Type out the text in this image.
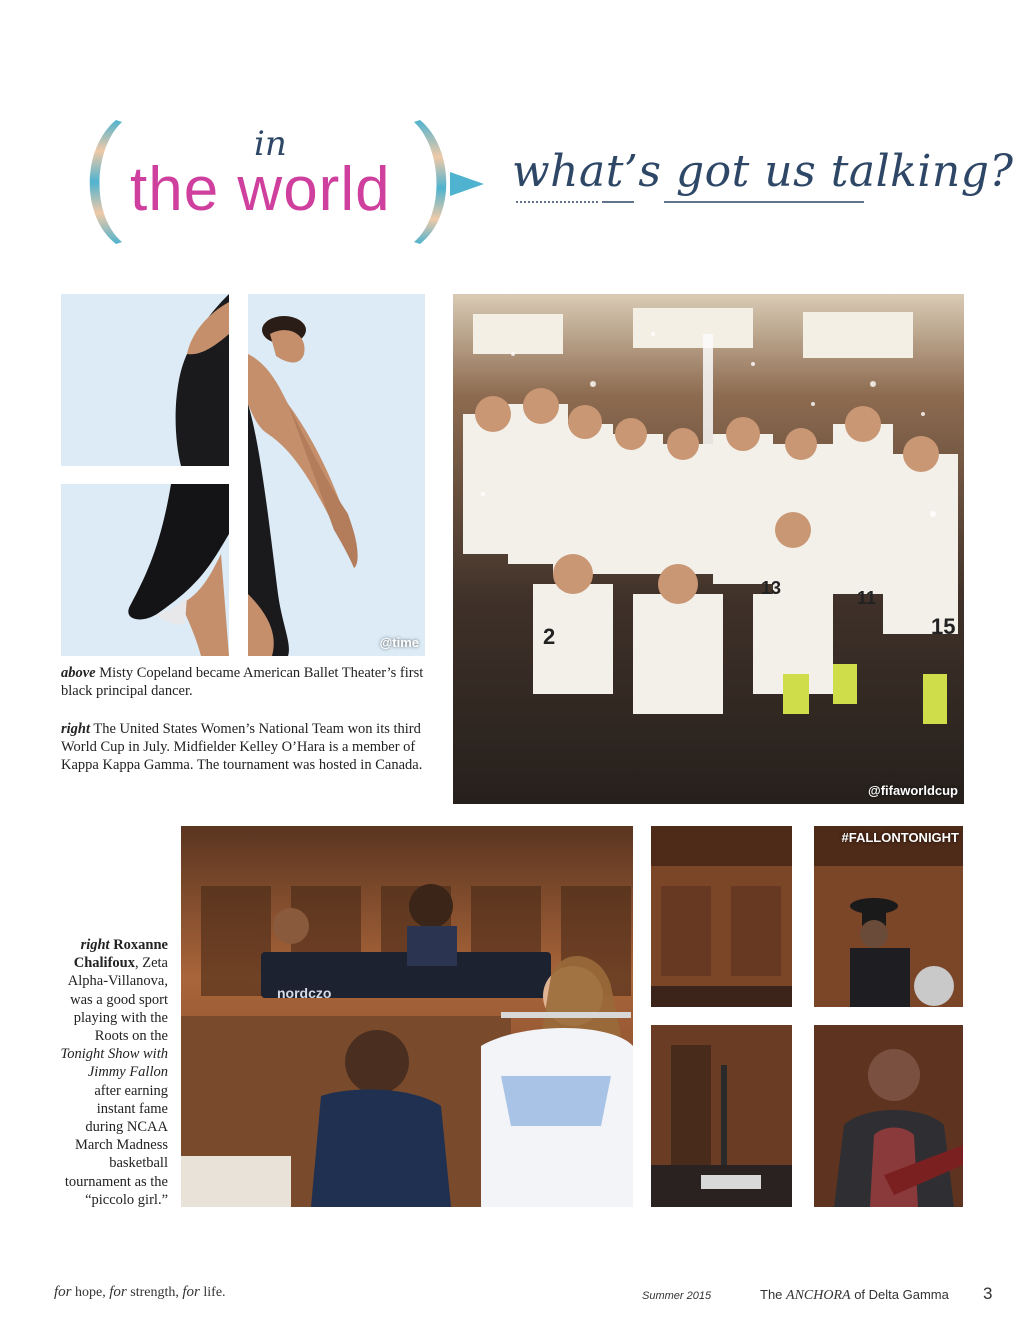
in
the world	what’s got us talking?
@time
above Misty Copeland became American Ballet Theater’s first black principal dancer.
right The United States Women’s National Team won its third World Cup in July. Midfielder Kelley O’Hara is a member of Kappa Kappa Gamma. The tournament was hosted in Canada.
15
2
13	11
@fifaworldcup
right Roxanne Chalifoux, Zeta Alpha-Villanova, was a good sport playing with the Roots on the Tonight Show with Jimmy Fallon after earning instant fame during NCAA March Madness basketball tournament as the “piccolo girl.”
nordczo
#FALLONTONIGHT
for hope, for strength, for life.	Summer 2015	The ANCHORA of Delta Gamma 3
